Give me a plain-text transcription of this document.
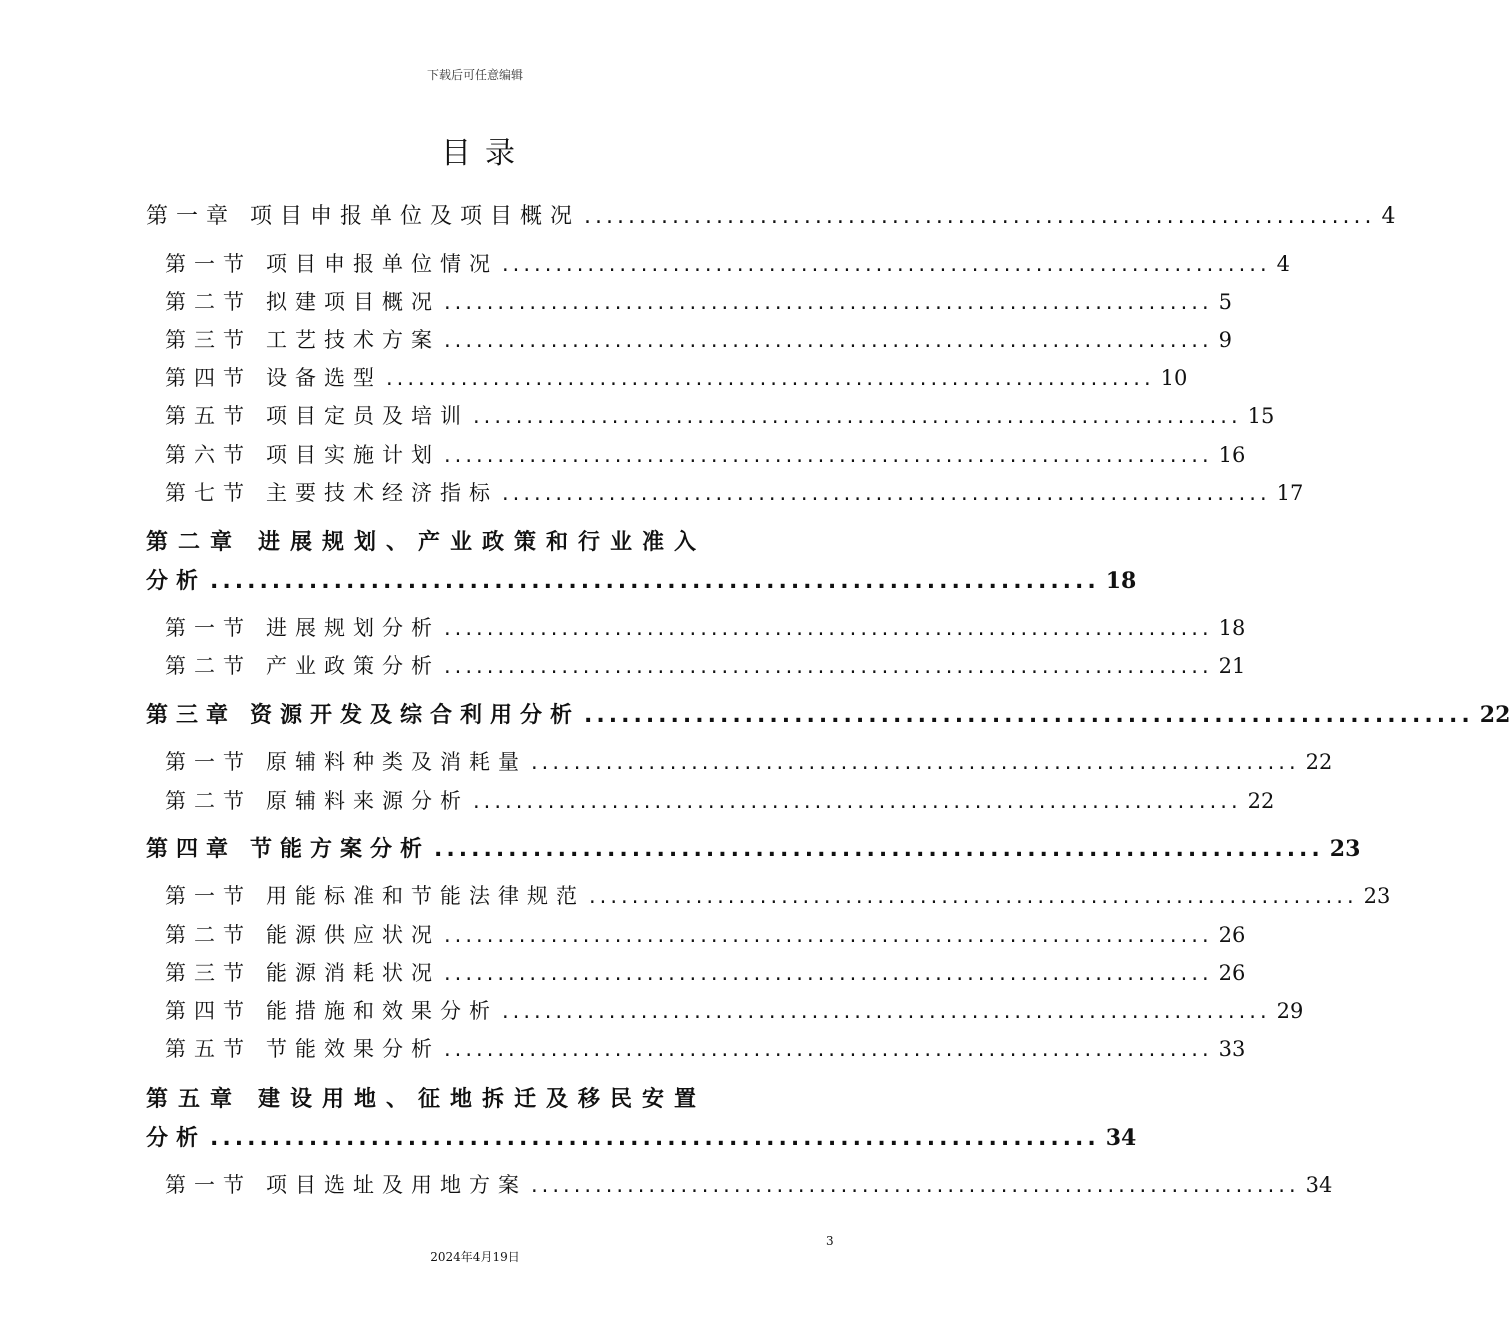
下载后可任意编辑
目录
第一章 项目申报单位及项目概况 ........................................................................ 4
第一节 项目申报单位情况 ........................................................................ 4
第二节 拟建项目概况 ........................................................................ 5
第三节 工艺技术方案 ........................................................................ 9
第四节 设备选型 ........................................................................ 10
第五节 项目定员及培训 ........................................................................ 15
第六节 项目实施计划 ........................................................................ 16
第七节 主要技术经济指标 ........................................................................ 17
第二章 进展规划、产业政策和行业准入
分析 ........................................................................ 18
第一节 进展规划分析 ........................................................................ 18
第二节 产业政策分析 ........................................................................ 21
第三章 资源开发及综合利用分析 ........................................................................ 22
第一节 原辅料种类及消耗量 ........................................................................ 22
第二节 原辅料来源分析 ........................................................................ 22
第四章 节能方案分析 ........................................................................ 23
第一节 用能标准和节能法律规范 ........................................................................ 23
第二节 能源供应状况 ........................................................................ 26
第三节 能源消耗状况 ........................................................................ 26
第四节 能措施和效果分析 ........................................................................ 29
第五节 节能效果分析 ........................................................................ 33
第五章 建设用地、征地拆迁及移民安置
分析 ........................................................................ 34
第一节 项目选址及用地方案 ........................................................................ 34
3
2024年4月19日
